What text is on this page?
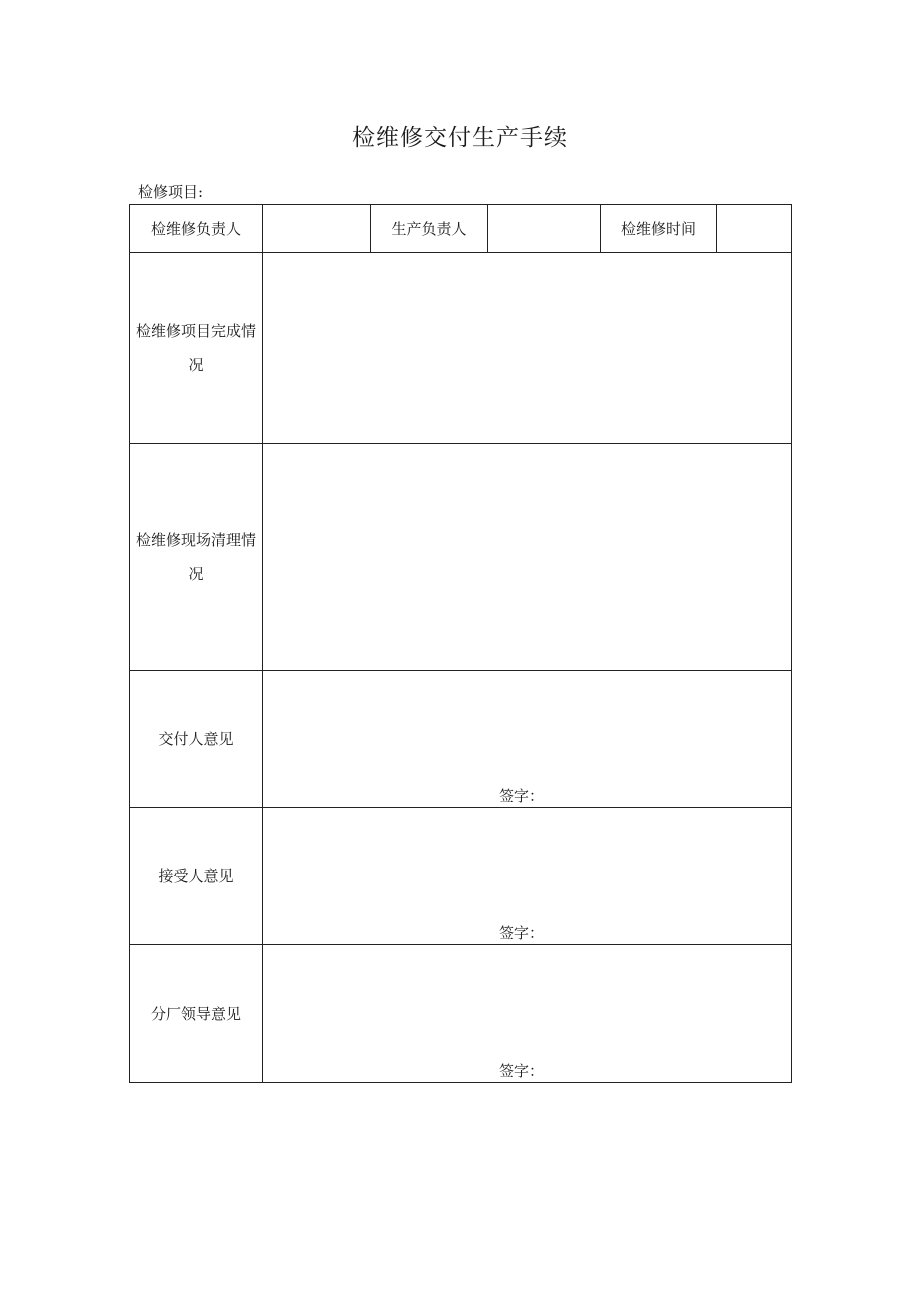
检维修交付生产手续
检修项目:
检维修负责人		生产负责人		检维修时间	

检维修项目完成情况					

检维修现场清理情况					

交付人意见	签字：				

接受人意见	签字：				

分厂领导意见	签字：				
